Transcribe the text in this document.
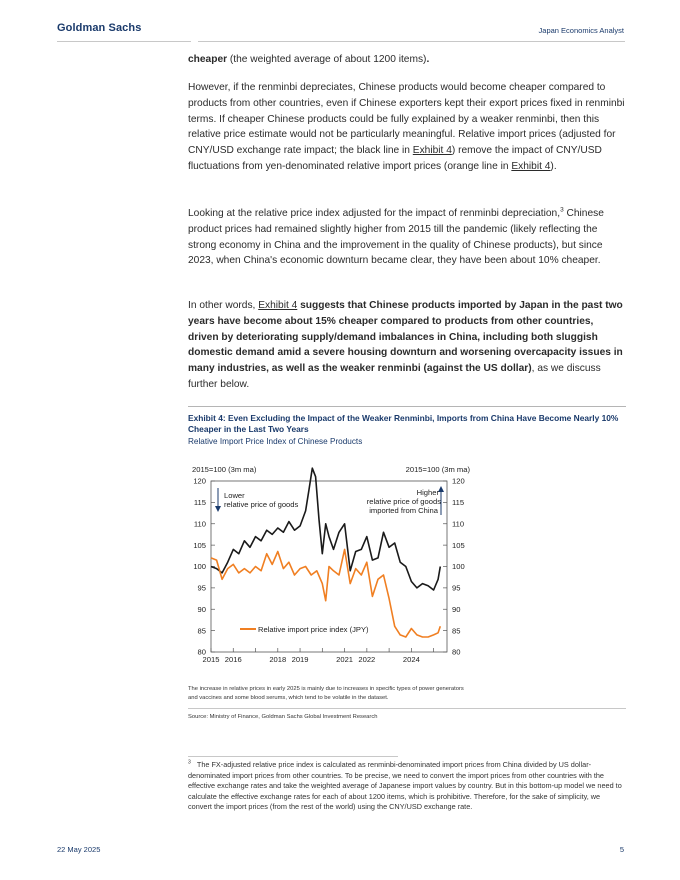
Goldman Sachs	Japan Economics Analyst

cheaper (the weighted average of about 1200 items).

However, if the renminbi depreciates, Chinese products would become cheaper compared to products from other countries, even if Chinese exporters kept their export prices fixed in renminbi terms. If cheaper Chinese products could be fully explained by a weaker renminbi, then this relative price estimate would not be particularly meaningful. Relative import prices (adjusted for CNY/USD exchange rate impact; the black line in Exhibit 4) remove the impact of CNY/USD fluctuations from yen-denominated relative import prices (orange line in Exhibit 4).

Looking at the relative price index adjusted for the impact of renminbi depreciation,$^3$ Chinese product prices had remained slightly higher from 2015 till the pandemic (likely reflecting the strong economy in China and the improvement in the quality of Chinese products), but since 2023, when China's economic downturn became clear, they have been about 10% cheaper.

In other words, Exhibit 4 suggests that Chinese products imported by Japan in the past two years have become about 15% cheaper compared to products from other countries, driven by deteriorating supply/demand imbalances in China, including both sluggish domestic demand amid a severe housing downturn and worsening overcapacity issues in many industries, as well as the weaker renminbi (against the US dollar), as we discuss further below.

Exhibit 4: Even Excluding the Impact of the Weaker Renminbi, Imports from China Have Become Nearly 10% Cheaper in the Last Two Years
Relative Import Price Index of Chinese Products
80	80
85	85
90	90
95	95
100	100
105	105
110	110
115	115
120	120
2015 2016	2018 2019	2021 2022	2024
2015=100 (3m ma)	2015=100 (3m ma)
Lower
relative price of goods
Higher
relative price of goods
imported from China
Relative import price index (JPY)
The increase in relative prices in early 2025 is mainly due to increases in specific types of power generators and vaccines and some blood serums, which tend to be volatile in the dataset.
Source: Ministry of Finance, Goldman Sachs Global Investment Research
$^3$ The FX-adjusted relative price index is calculated as renminbi-denominated import prices from China divided by US dollar-denominated import prices from other countries. To be precise, we need to convert the import prices from other countries with the effective exchange rates and take the weighted average of Japanese import values by country. But in this bottom-up model we need to calculate the effective exchange rates for each of about 1200 items, which is prohibitive. Therefore, for the sake of simplicity, we convert the import prices (from the rest of the world) using the CNY/USD exchange rate.
22 May 2025	5
